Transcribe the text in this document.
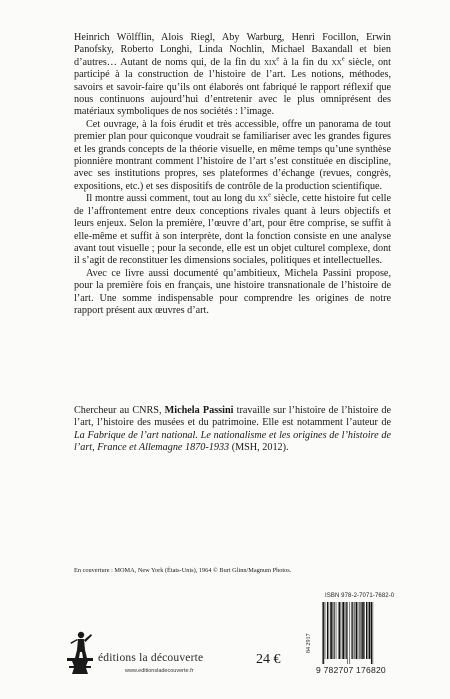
Heinrich Wölfflin, Alois Riegl, Aby Warburg, Henri Focillon, Erwin Panofsky, Roberto Longhi, Linda Nochlin, Michael Baxandall et bien d’autres… Autant de noms qui, de la fin du xix$^e$ à la fin du $xx^e$ siècle, ont participé à la construction de l’histoire de l’art. Les notions, méthodes, savoirs et savoir-faire qu’ils ont élaborés ont fabriqué le rapport réflexif que nous continuons aujourd’hui d’entretenir avec le plus omniprésent des matériaux symboliques de nos sociétés : l’image.

Cet ouvrage, à la fois érudit et très accessible, offre un panorama de tout premier plan pour quiconque voudrait se familiariser avec les grandes figures et les grands concepts de la théorie visuelle, en même temps qu’une synthèse pionnière montrant comment l’histoire de l’art s’est constituée en discipline, avec ses institutions propres, ses plateformes d’échange (revues, congrès, expositions, etc.) et ses dispositifs de contrôle de la production scientifique.

Il montre aussi comment, tout au long du $xx^e$ siècle, cette histoire fut celle de l’affrontement entre deux conceptions rivales quant à leurs objectifs et leurs enjeux. Selon la première, l’œuvre d’art, pour être comprise, se suffit à elle-même et suffit à son interprète, dont la fonction consiste en une analyse avant tout visuelle ; pour la seconde, elle est un objet culturel complexe, dont il s’agit de reconstituer les dimensions sociales, politiques et intellectuelles.

Avec ce livre aussi documenté qu’ambitieux, Michela Passini propose, pour la première fois en français, une histoire transnationale de l’histoire de l’art. Une somme indispensable pour comprendre les origines de notre rapport présent aux œuvres d’art.

Chercheur au CNRS, Michela Passini travaille sur l’histoire de l’histoire de l’art, l’histoire des musées et du patrimoine. Elle est notamment l’auteur de La Fabrique de l’art national. Le nationalisme et les origines de l’histoire de l’art, France et Allemagne 1870-1933 (MSH, 2012).

En couverture : MOMA, New York (États-Unis), 1964 © Burt Glinn/Magnum Photos.
éditions la découverte
www.editionsladecouverte.fr
24 €
84 2917
ISBN 978-2-7071-7682-0
9 782707 176820
